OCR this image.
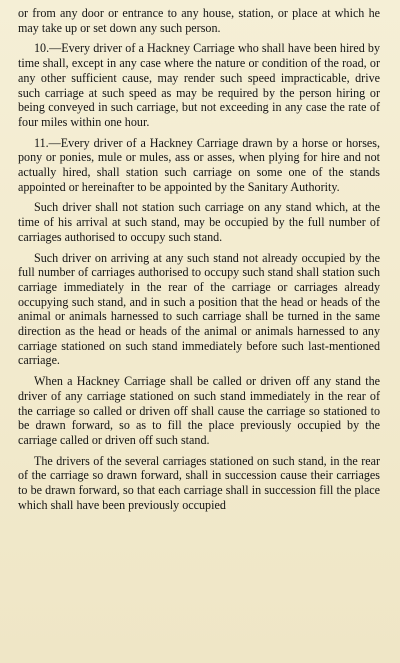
or from any door or entrance to any house, station, or place at which he may take up or set down any such person.

10.—Every driver of a Hackney Carriage who shall have been hired by time shall, except in any case where the nature or condition of the road, or any other sufficient cause, may render such speed impracticable, drive such carriage at such speed as may be required by the person hiring or being conveyed in such carriage, but not exceeding in any case the rate of four miles within one hour.

11.—Every driver of a Hackney Carriage drawn by a horse or horses, pony or ponies, mule or mules, ass or asses, when plying for hire and not actually hired, shall station such carriage on some one of the stands appointed or hereinafter to be appointed by the Sanitary Authority.

Such driver shall not station such carriage on any stand which, at the time of his arrival at such stand, may be occupied by the full number of carriages authorised to occupy such stand.

Such driver on arriving at any such stand not already occupied by the full number of carriages authorised to occupy such stand shall station such carriage immediately in the rear of the carriage or carriages already occupying such stand, and in such a position that the head or heads of the animal or animals harnessed to such carriage shall be turned in the same direction as the head or heads of the animal or animals harnessed to any carriage stationed on such stand immediately before such last-mentioned carriage.

When a Hackney Carriage shall be called or driven off any stand the driver of any carriage stationed on such stand immediately in the rear of the carriage so called or driven off shall cause the carriage so stationed to be drawn forward, so as to fill the place previously occupied by the carriage called or driven off such stand.

The drivers of the several carriages stationed on such stand, in the rear of the carriage so drawn forward, shall in succession cause their carriages to be drawn forward, so that each carriage shall in succession fill the place which shall have been previously occupied
